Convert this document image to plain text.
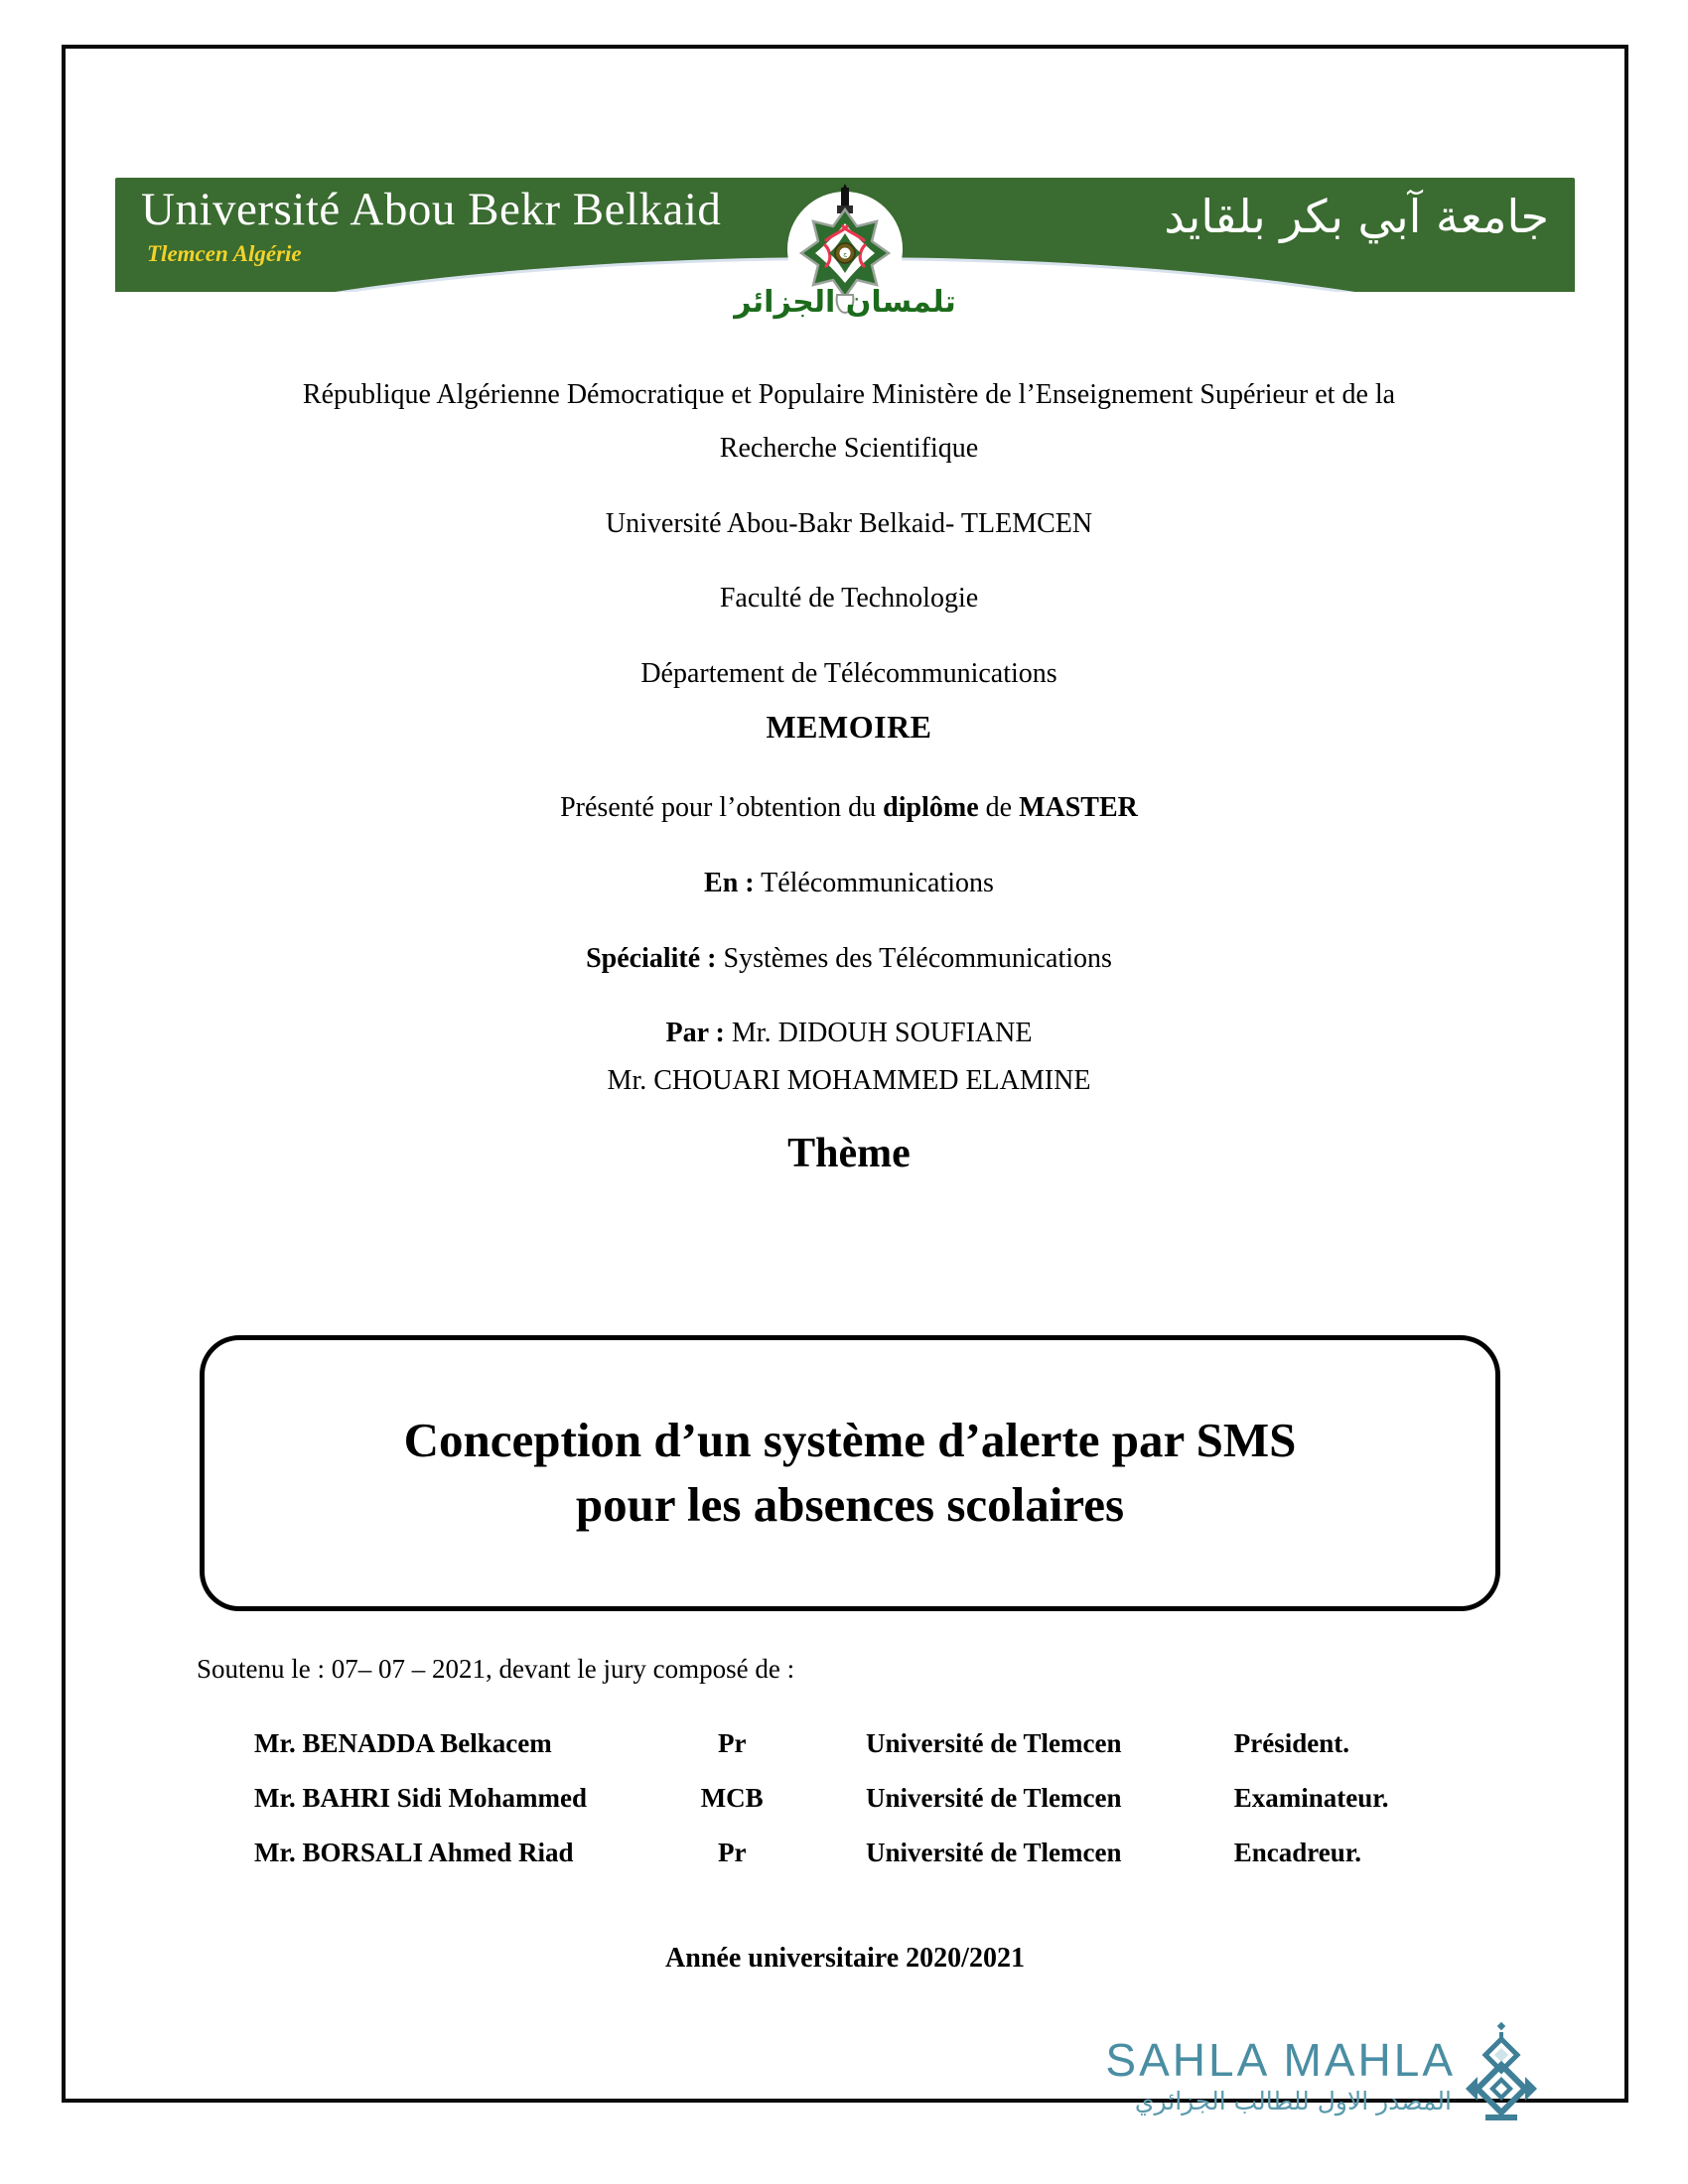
Université Abou Bekr Belkaid
Tlemcen Algérie
جامعة آبي بكر بلقايد
ج
تلمسان الجزائر

République Algérienne Démocratique et Populaire Ministère de l’Enseignement Supérieur et de la

Recherche Scientifique

Université Abou-Bakr Belkaid- TLEMCEN

Faculté de Technologie

Département de Télécommunications

MEMOIRE

Présenté pour l’obtention du diplôme de MASTER

En : Télécommunications

Spécialité : Systèmes des Télécommunications

Par : Mr. DIDOUH SOUFIANE

Mr. CHOUARI MOHAMMED ELAMINE

Thème

Conception d’un système d’alerte par SMS
pour les absences scolaires
Soutenu le : 07– 07 – 2021, devant le jury composé de :
Mr. BENADDA Belkacem	Pr	Université de Tlemcen	Président.
Mr. BAHRI Sidi Mohammed	MCB	Université de Tlemcen	Examinateur.
Mr. BORSALI Ahmed Riad	Pr	Université de Tlemcen	Encadreur.
Année universitaire 2020/2021
SAHLA MAHLA
المصدر الاول للطالب الجزائري
